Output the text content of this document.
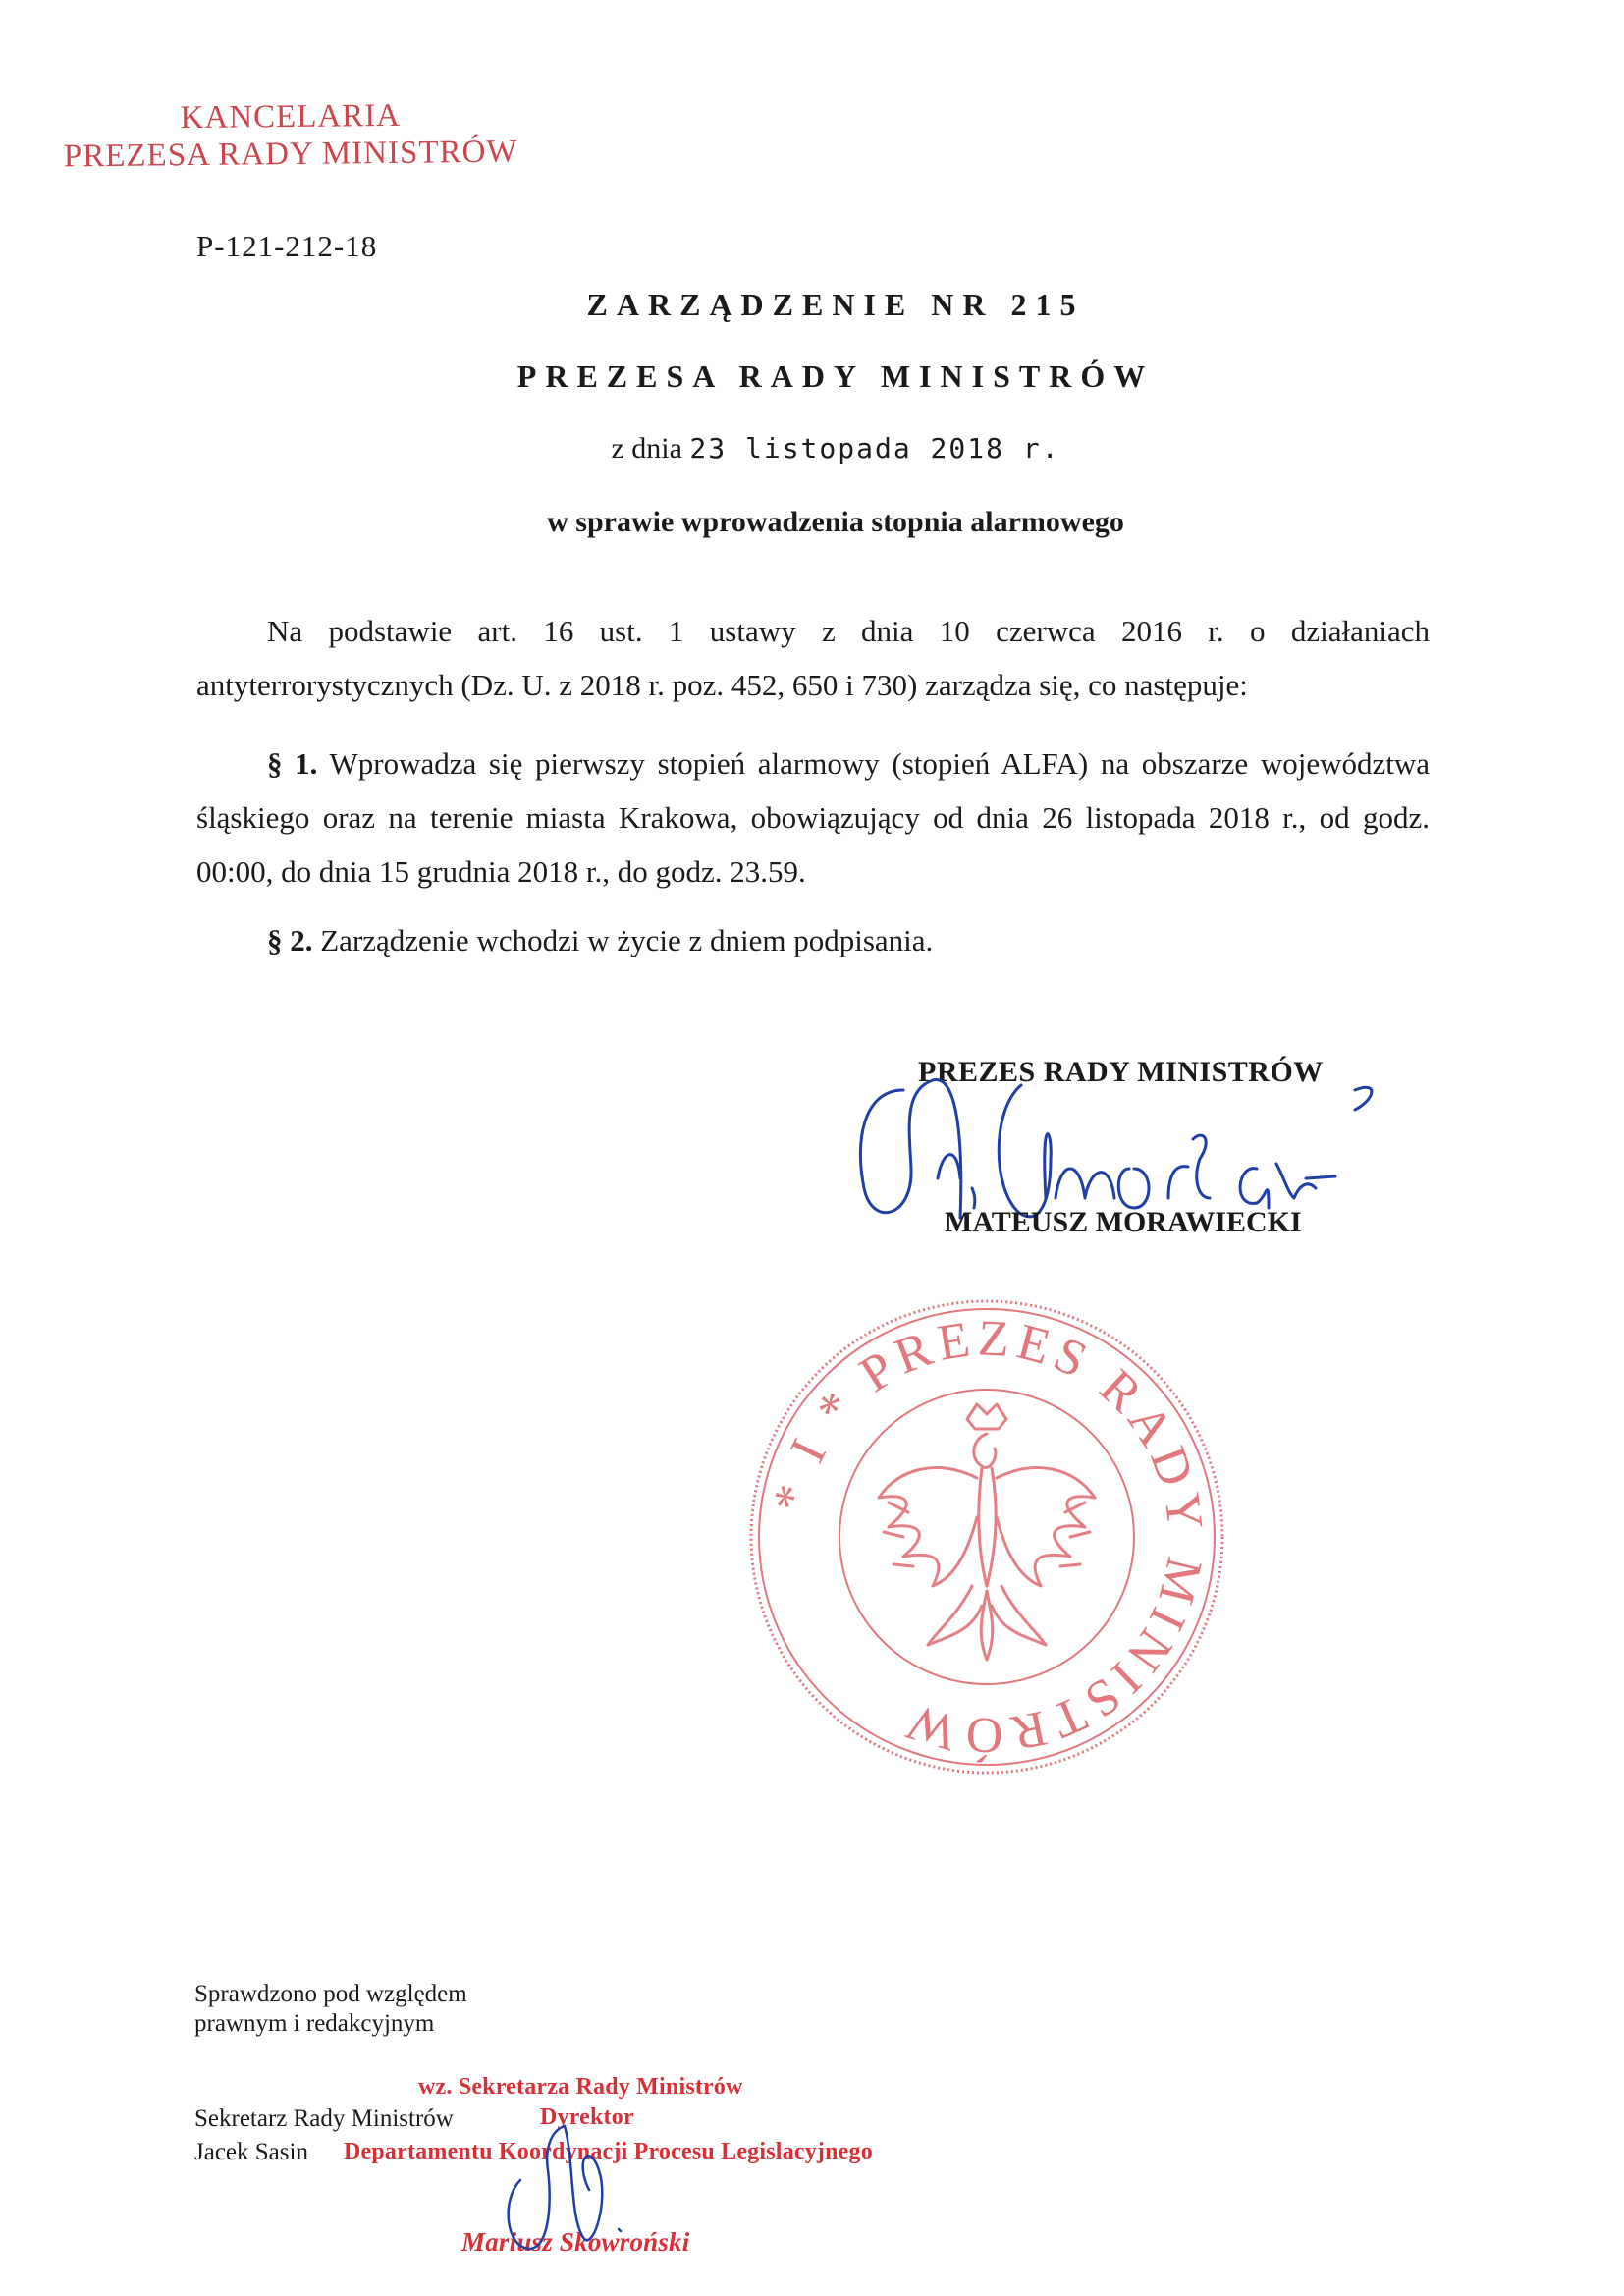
KANCELARIA
PREZESA RADY MINISTRÓW
P-121-212-18
ZARZĄDZENIE NR 215
PREZESA RADY MINISTRÓW
z dnia 23 listopada 2018 r.
w sprawie wprowadzenia stopnia alarmowego
Na podstawie art. 16 ust. 1 ustawy z dnia 10 czerwca 2016 r. o działaniach antyterrorystycznych (Dz. U. z 2018 r. poz. 452, 650 i 730) zarządza się, co następuje:
§ 1. Wprowadza się pierwszy stopień alarmowy (stopień ALFA) na obszarze województwa śląskiego oraz na terenie miasta Krakowa, obowiązujący od dnia 26 listopada 2018 r., od godz. 00:00, do dnia 15 grudnia 2018 r., do godz. 23.59.
§ 2. Zarządzenie wchodzi w życie z dniem podpisania.
PREZES RADY MINISTRÓW
MATEUSZ MORAWIECKI
* I * PREZES RADY MINISTRÓW
Sprawdzono pod względem
prawnym i redakcyjnym
Sekretarz Rady Ministrów
Jacek Sasin
wz. Sekretarza Rady Ministrów
Dyrektor
Departamentu Koordynacji Procesu Legislacyjnego
Mariusz Skowroński
